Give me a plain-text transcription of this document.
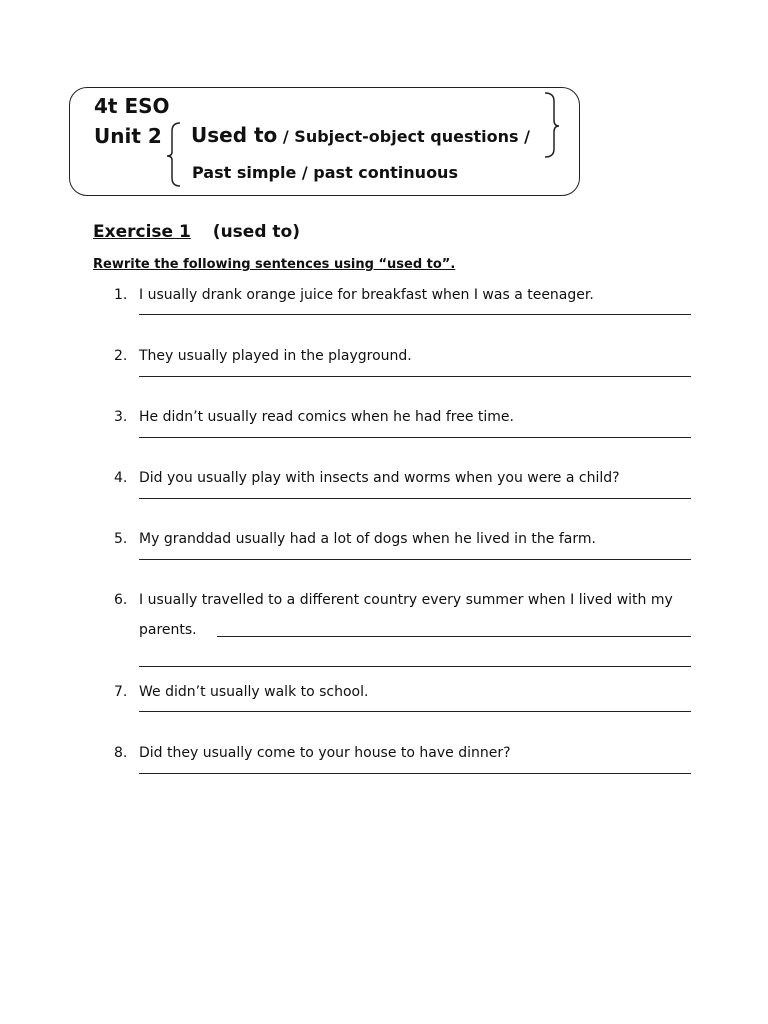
4t ESO
Unit 2 Used to / Subject-object questions /
Past simple / past continuous
Exercise 1 (used to)
Rewrite the following sentences using “used to”.
1. I usually drank orange juice for breakfast when I was a teenager.
2. They usually played in the playground.
3. He didn’t usually read comics when he had free time.
4. Did you usually play with insects and worms when you were a child?
5. My granddad usually had a lot of dogs when he lived in the farm.
6. I usually travelled to a different country every summer when I lived with my
parents.
7. We didn’t usually walk to school.
8. Did they usually come to your house to have dinner?
